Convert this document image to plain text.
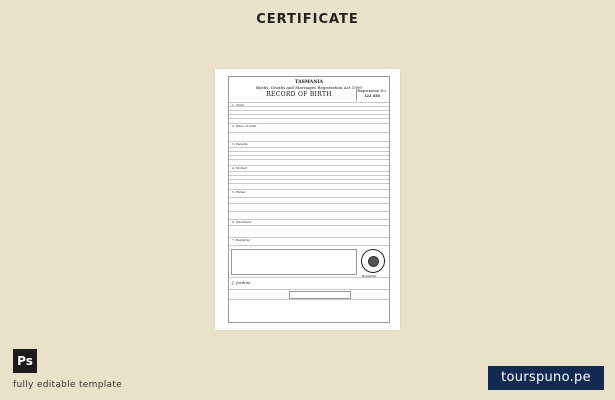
CERTIFICATE
TASMANIA
Births, Deaths and Marriages Registration Act 1999
RECORD OF BIRTH	Registration No.
123 456
1. Child
2. Place of birth
3. Parents
4. Mother
5. Father
6. Informant
7. Registrar
Registrar
J. Jardine
Ps
fully editable template	tourspuno.pe
